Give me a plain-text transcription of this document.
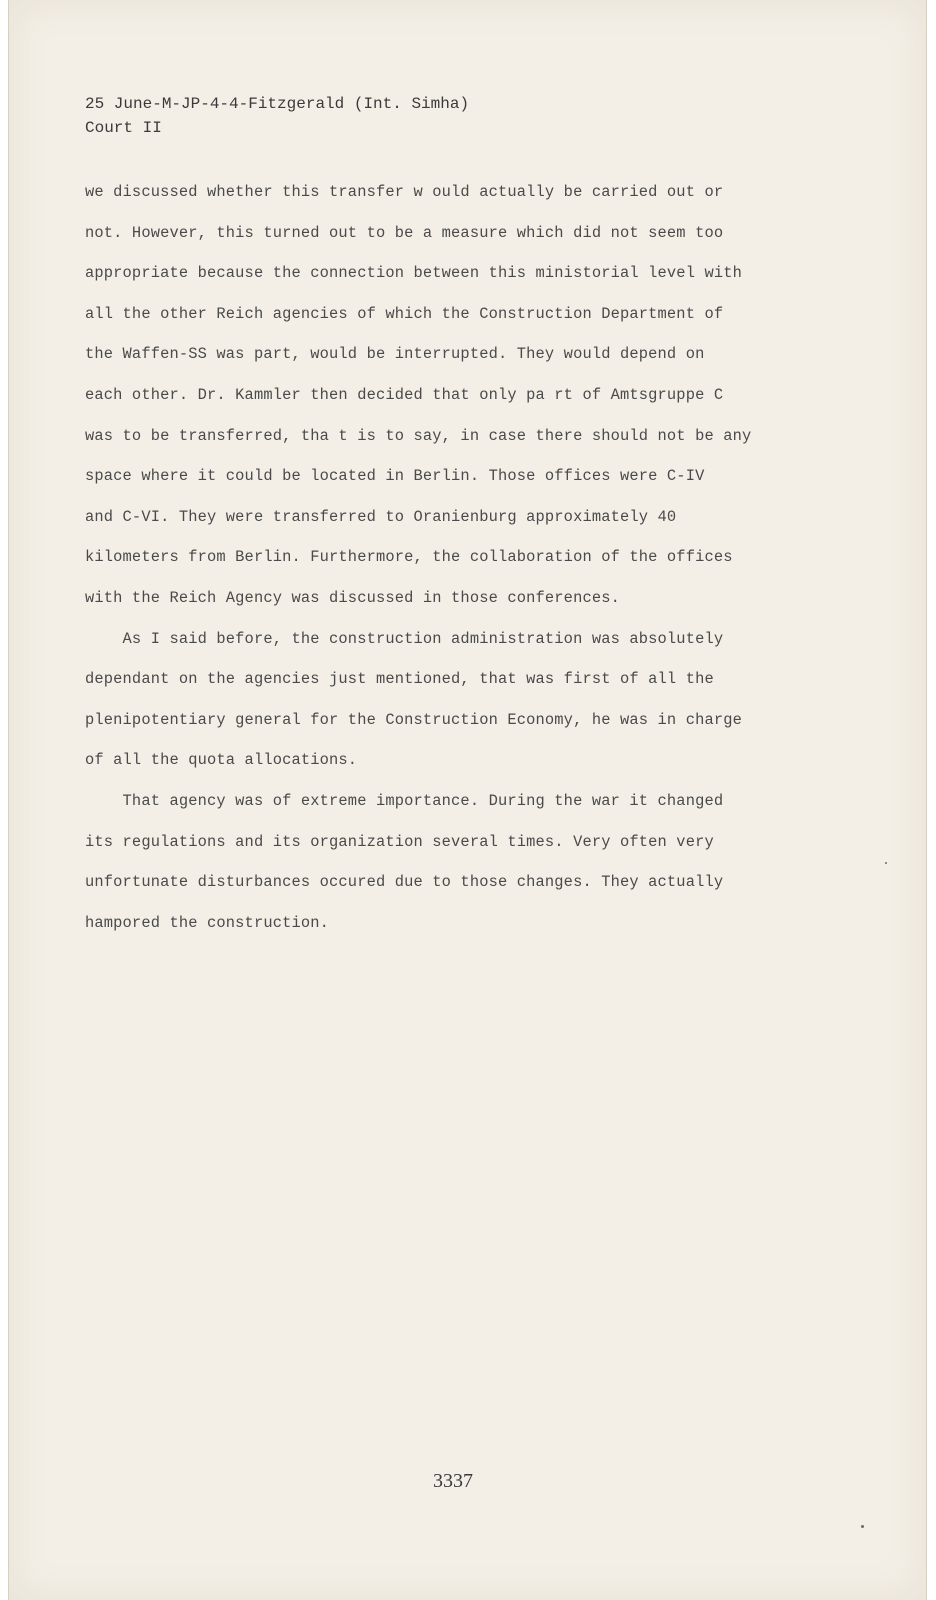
25 June-M-JP-4-4-Fitzgerald (Int. Simha)
Court II
we discussed whether this transfer w ould actually be carried out or
not. However, this turned out to be a measure which did not seem too
appropriate because the connection between this ministorial level with
all the other Reich agencies of which the Construction Department of
the Waffen-SS was part, would be interrupted. They would depend on
each other. Dr. Kammler then decided that only pa rt of Amtsgruppe C
was to be transferred, tha t is to say, in case there should not be any
space where it could be located in Berlin. Those offices were C-IV
and C-VI. They were transferred to Oranienburg approximately 40
kilometers from Berlin. Furthermore, the collaboration of the offices
with the Reich Agency was discussed in those conferences.
As I said before, the construction administration was absolutely
dependant on the agencies just mentioned, that was first of all the
plenipotentiary general for the Construction Economy, he was in charge
of all the quota allocations.
That agency was of extreme importance. During the war it changed
its regulations and its organization several times. Very often very
unfortunate disturbances occured due to those changes. They actually
hampored the construction.
3337
